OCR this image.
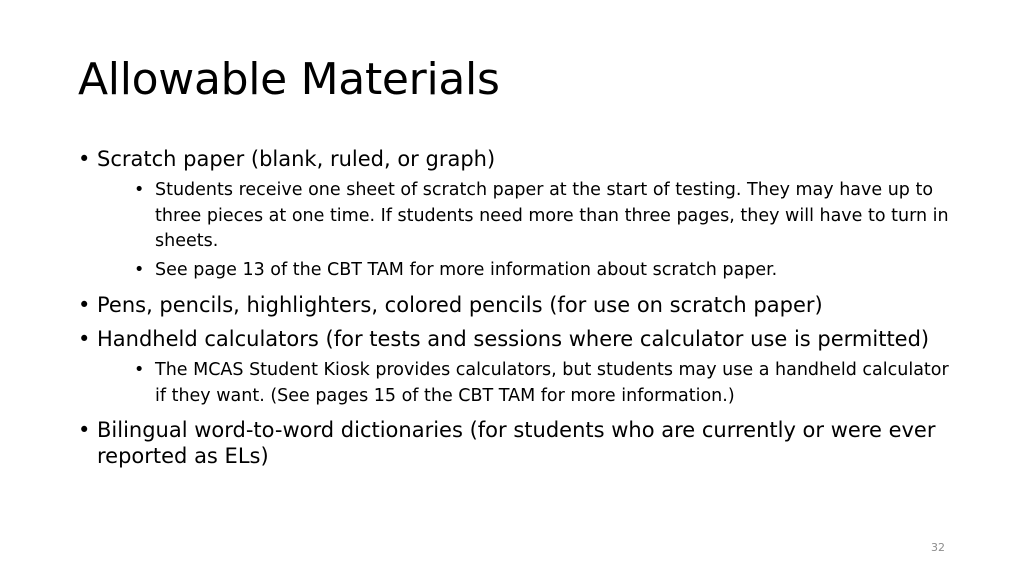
Allowable Materials
• Scratch paper (blank, ruled, or graph)
• Students receive one sheet of scratch paper at the start of testing. They may have up to three pieces at one time. If students need more than three pages, they will have to turn in sheets.
• See page 13 of the CBT TAM for more information about scratch paper.
• Pens, pencils, highlighters, colored pencils (for use on scratch paper)
• Handheld calculators (for tests and sessions where calculator use is permitted)
• The MCAS Student Kiosk provides calculators, but students may use a handheld calculator if they want. (See pages 15 of the CBT TAM for more information.)
• Bilingual word-to-word dictionaries (for students who are currently or were ever reported as ELs)
32
